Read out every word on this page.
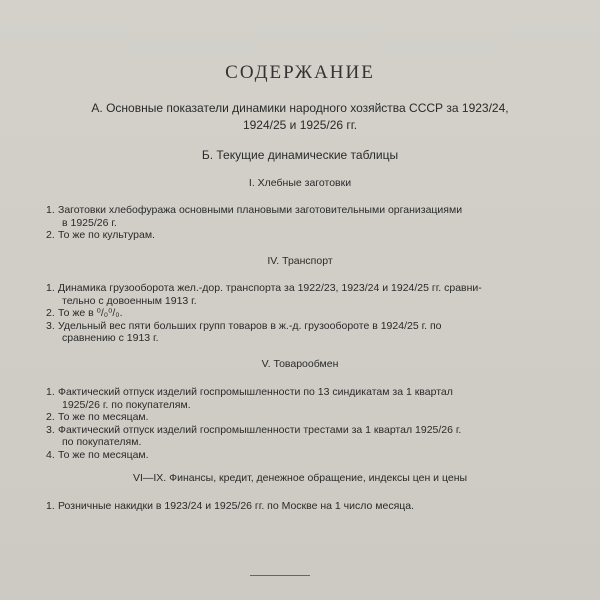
СОДЕРЖАНИЕ
А. Основные показатели динамики народного хозяйства СССР за 1923/24,
1924/25 и 1925/26 гг.
Б. Текущие динамические таблицы
I. Хлебные заготовки
1. Заготовки хлебофуража основными плановыми заготовительными организациями
в 1925/26 г.
2. То же по культурам.
IV. Транспорт
1. Динамика грузооборота жел.-дор. транспорта за 1922/23, 1923/24 и 1924/25 гг. сравни-
тельно с довоенным 1913 г.
2. То же в ⁰/₀⁰/₀.
3. Удельный вес пяти больших групп товаров в ж.-д. грузообороте в 1924/25 г. по
сравнению с 1913 г.
V. Товарообмен
1. Фактический отпуск изделий госпромышленности по 13 синдикатам за 1 квартал
1925/26 г. по покупателям.
2. То же по месяцам.
3. Фактический отпуск изделий госпромышленности трестами за 1 квартал 1925/26 г.
по покупателям.
4. То же по месяцам.
VI—IX. Финансы, кредит, денежное обращение, индексы цен и цены
1. Розничные накидки в 1923/24 и 1925/26 гг. по Москве на 1 число месяца.
